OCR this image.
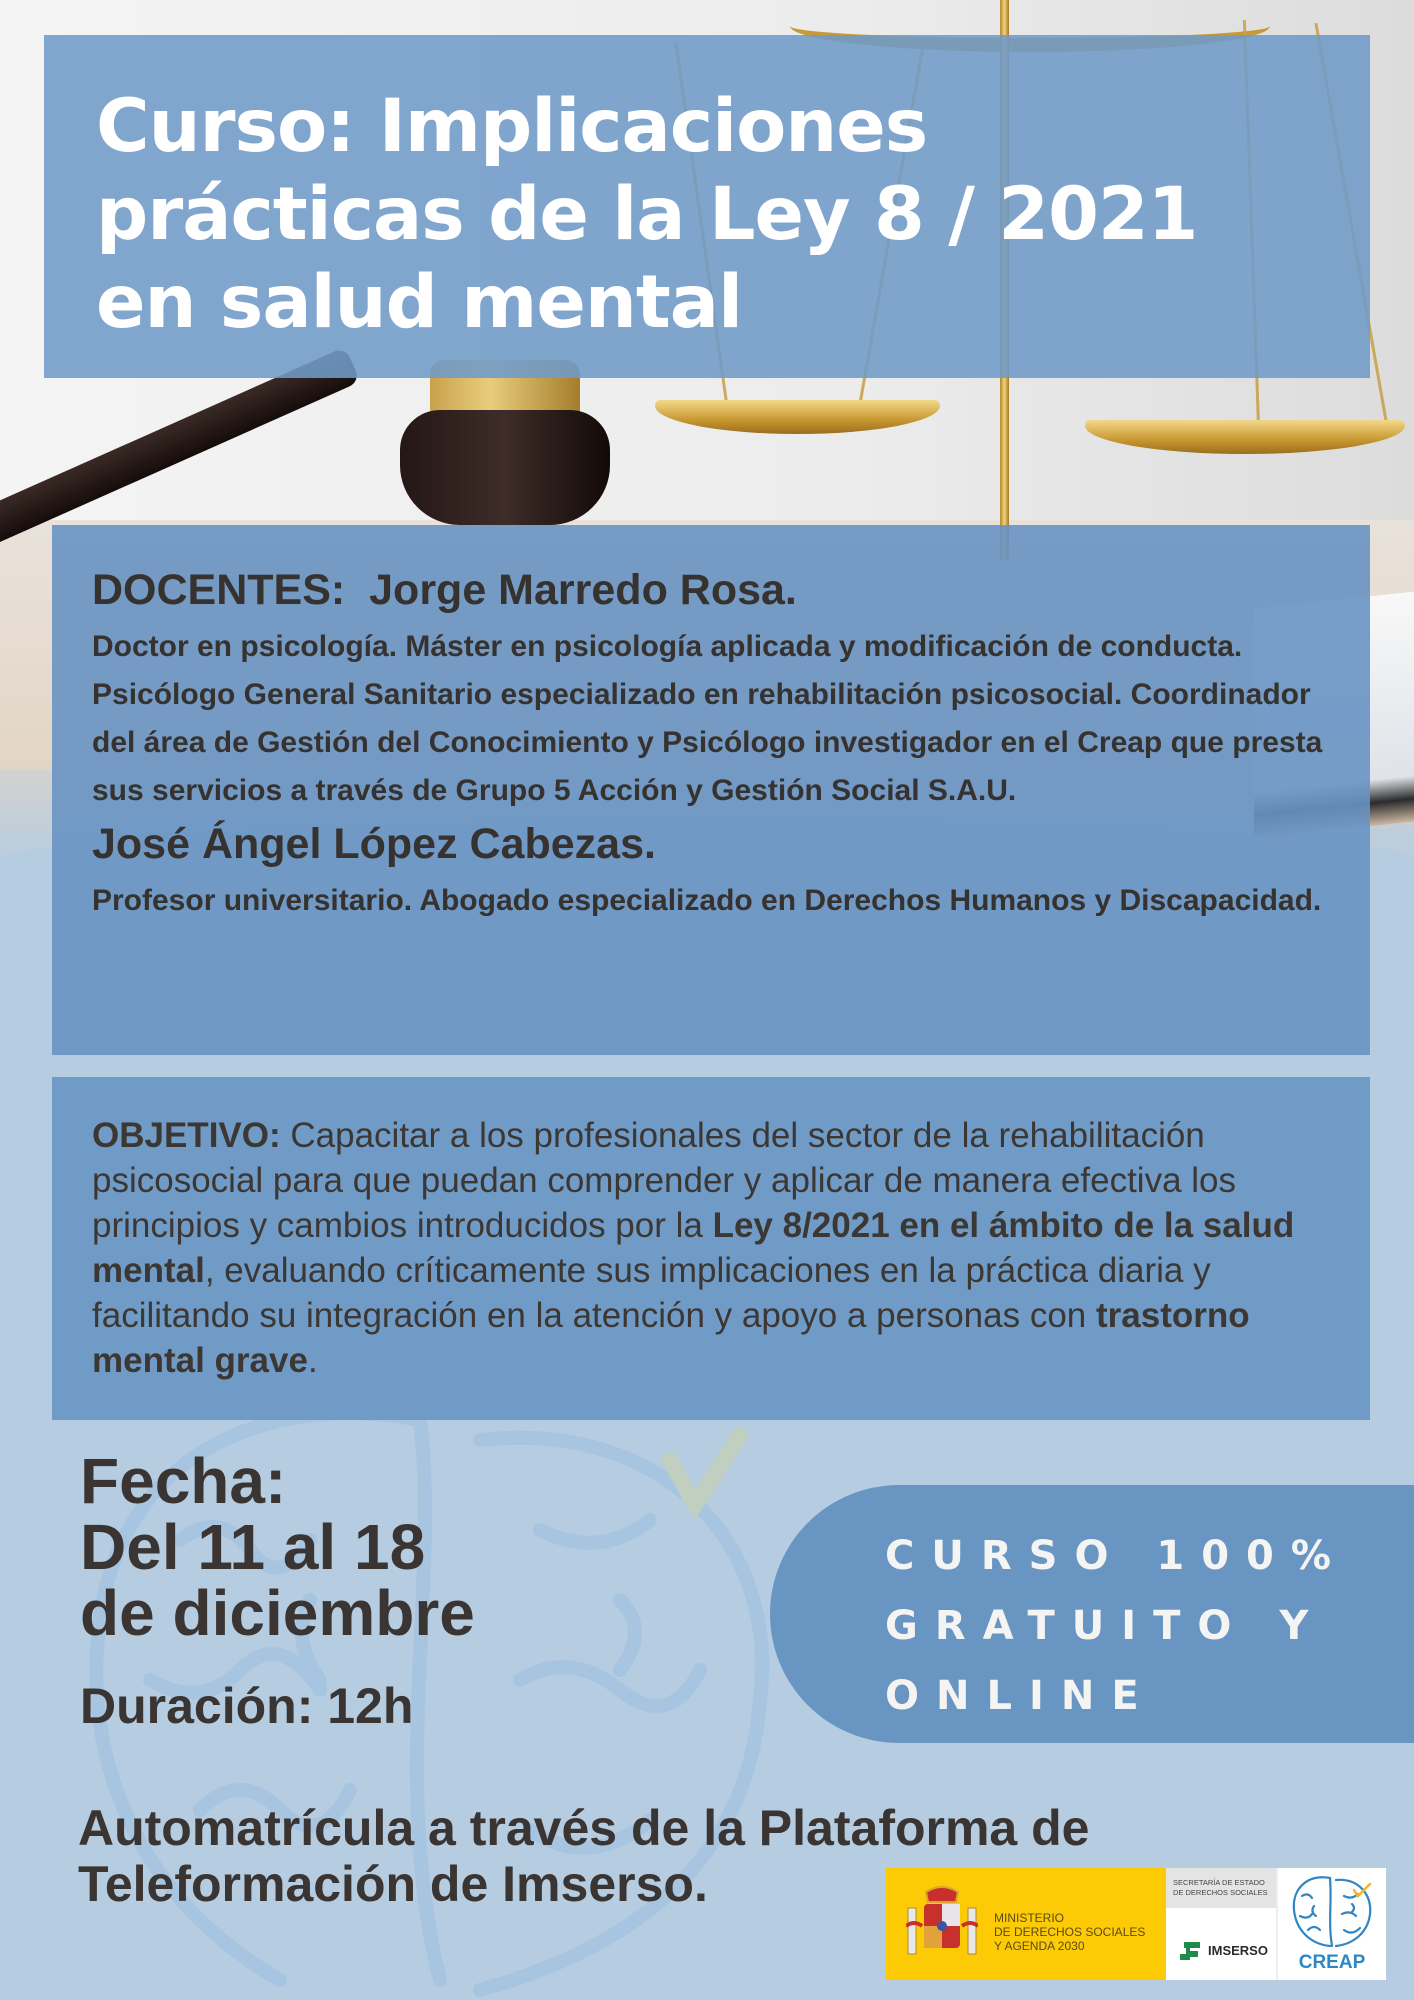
Curso: Implicaciones
prácticas de la Ley 8 / 2021
en salud mental
DOCENTES: Jorge Marredo Rosa.
Doctor en psicología. Máster en psicología aplicada y modificación de conducta. Psicólogo General Sanitario especializado en rehabilitación psicosocial. Coordinador del área de Gestión del Conocimiento y Psicólogo investigador en el Creap que presta sus servicios a través de Grupo 5 Acción y Gestión Social S.A.U.
José Ángel López Cabezas.
Profesor universitario. Abogado especializado en Derechos Humanos y Discapacidad.
OBJETIVO: Capacitar a los profesionales del sector de la rehabilitación psicosocial para que puedan comprender y aplicar de manera efectiva los principios y cambios introducidos por la Ley 8/2021 en el ámbito de la salud mental, evaluando críticamente sus implicaciones en la práctica diaria y facilitando su integración en la atención y apoyo a personas con trastorno mental grave.
Fecha:
Del 11 al 18
de diciembre
Duración: 12h
CURSO 100%
GRATUITO Y
ONLINE
Automatrícula a través de la Plataforma de
Teleformación de Imserso.
MINISTERIO
DE DERECHOS SOCIALES
Y AGENDA 2030
SECRETARÍA DE ESTADO
DE DERECHOS SOCIALES
IMSERSO
CREAP
